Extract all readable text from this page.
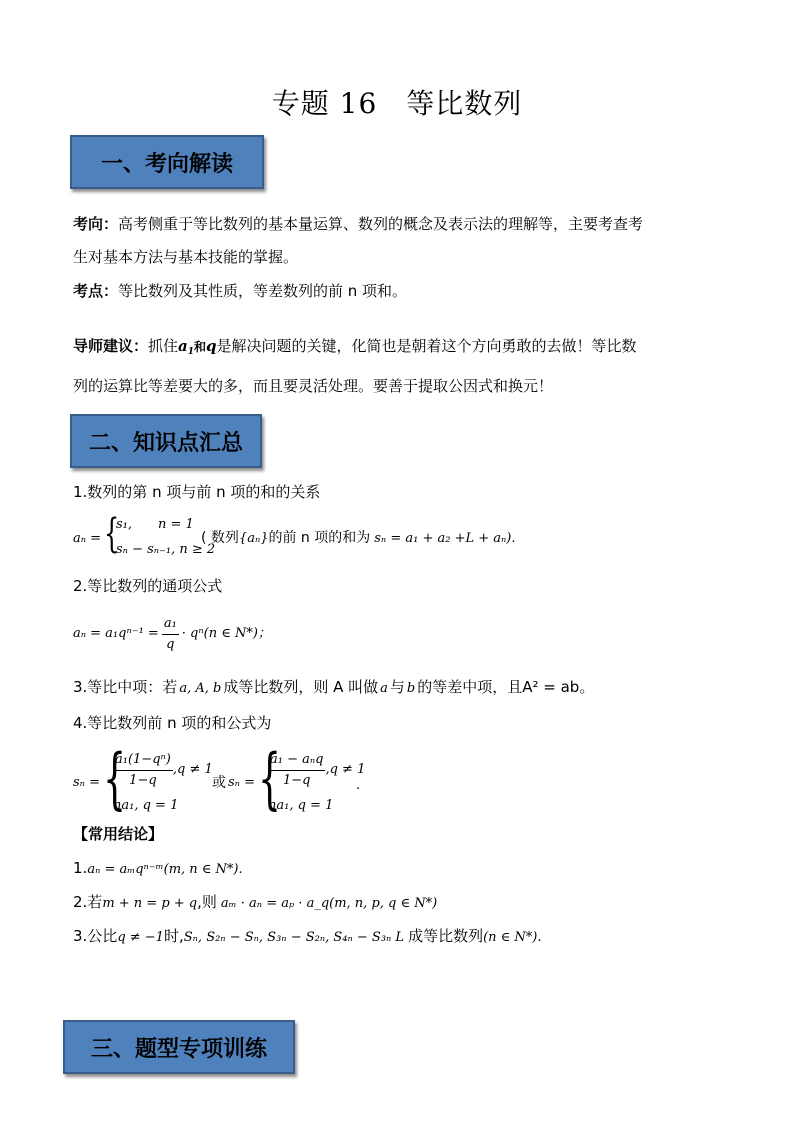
专题 16　等比数列
一、考向解读
考向：高考侧重于等比数列的基本量运算、数列的概念及表示法的理解等，主要考查考
生对基本方法与基本技能的掌握。
考点：等比数列及其性质，等差数列的前 n 项和。
导师建议：抓住$a_1$和q是解决问题的关键，化简也是朝着这个方向勇敢的去做！等比数
列的运算比等差要大的多，而且要灵活处理。要善于提取公因式和换元！
二、知识点汇总
1.数列的第 n 项与前 n 项的和的关系
aₙ = {
s₁,　　n = 1
sₙ − sₙ₋₁, n ≥ 2
( 数列{aₙ}的前 n 项的和为 sₙ = a₁ + a₂ +L + aₙ).
2.等比数列的通项公式
$a_n = a_1q^{n-1} = \frac{\text{a₁}}{q} \cdot q^n(n$ ∈ N*)；
3.等比中项：若 a, A, b 成等比数列，则 A 叫做 a 与 b 的等差中项，且A² = ab。
4.等比数列前 n 项的和公式为
sₙ = {
$\frac{\text{a₁(1−qⁿ)}}{1-q} ,q \ne 1$
na₁, q = 1
或 sₙ = {
$\frac{\text{a₁ − aₙq}}{1-q} ,q \ne 1$
na₁, q = 1
.
【常用结论】
1.aₙ = aₘqⁿ⁻ᵐ(m, n ∈ N*).
2.若m + n = p + q,则 aₘ · aₙ = aₚ · a_q(m, n, p, q ∈ N*)
3.公比q ≠ −1时,Sₙ, S₂ₙ − Sₙ, S₃ₙ − S₂ₙ, S₄ₙ − S₃ₙ L 成等比数列(n ∈ N*).
三、题型专项训练
